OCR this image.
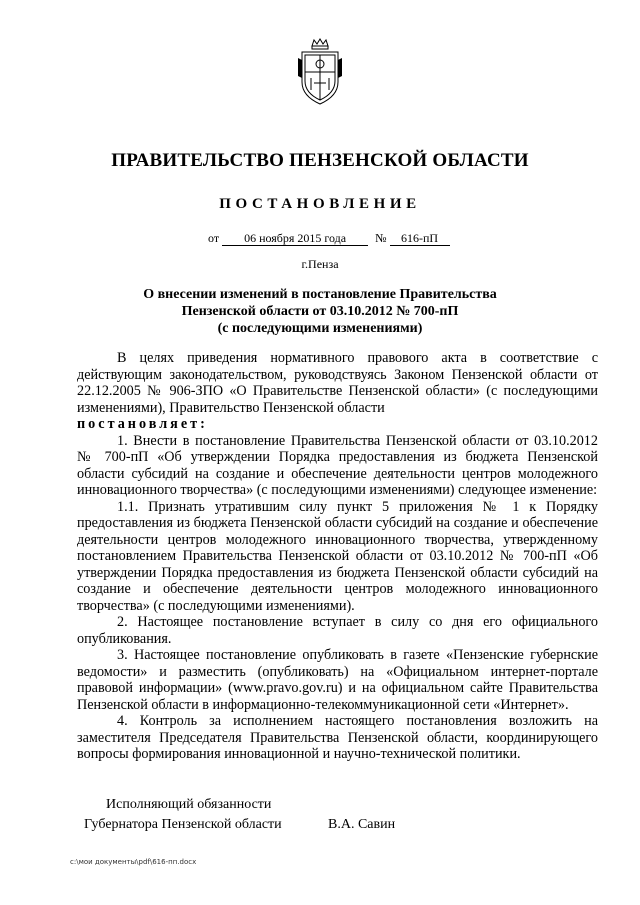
ПРАВИТЕЛЬСТВО ПЕНЗЕНСКОЙ ОБЛАСТИ
ПОСТАНОВЛЕНИЕ
от 06 ноября 2015 года № 616-пП
г.Пенза
О внесении изменений в постановление Правительства
Пензенской области от 03.10.2012 № 700-пП
(с последующими изменениями)

В целях приведения нормативного правового акта в соответствие с действующим законодательством, руководствуясь Законом Пензенской области от 22.12.2005 № 906-ЗПО «О Правительстве Пензенской области» (с последующими изменениями), Правительство Пензенской области

постановляет:

1. Внести в постановление Правительства Пензенской области от 03.10.2012 № 700-пП «Об утверждении Порядка предоставления из бюджета Пензенской области субсидий на создание и обеспечение деятельности центров молодежного инновационного творчества» (с последующими изменениями) следующее изменение:

1.1. Признать утратившим силу пункт 5 приложения № 1 к Порядку предоставления из бюджета Пензенской области субсидий на создание и обеспечение деятельности центров молодежного инновационного творчества, утвержденному постановлением Правительства Пензенской области от 03.10.2012 № 700-пП «Об утверждении Порядка предоставления из бюджета Пензенской области субсидий на создание и обеспечение деятельности центров молодежного инновационного творчества» (с последующими изменениями).

2. Настоящее постановление вступает в силу со дня его официального опубликования.

3. Настоящее постановление опубликовать в газете «Пензенские губернские ведомости» и разместить (опубликовать) на «Официальном интернет-портале правовой информации» (www.pravo.gov.ru) и на официальном сайте Правительства Пензенской области в информационно-телекоммуникационной сети «Интернет».

4. Контроль за исполнением настоящего постановления возложить на заместителя Председателя Правительства Пензенской области, координирующего вопросы формирования инновационной и научно-технической политики.

Исполняющий обязанности
Губернатора Пензенской области	В.А. Савин
c:\мои документы\pdf\616-пп.docx
